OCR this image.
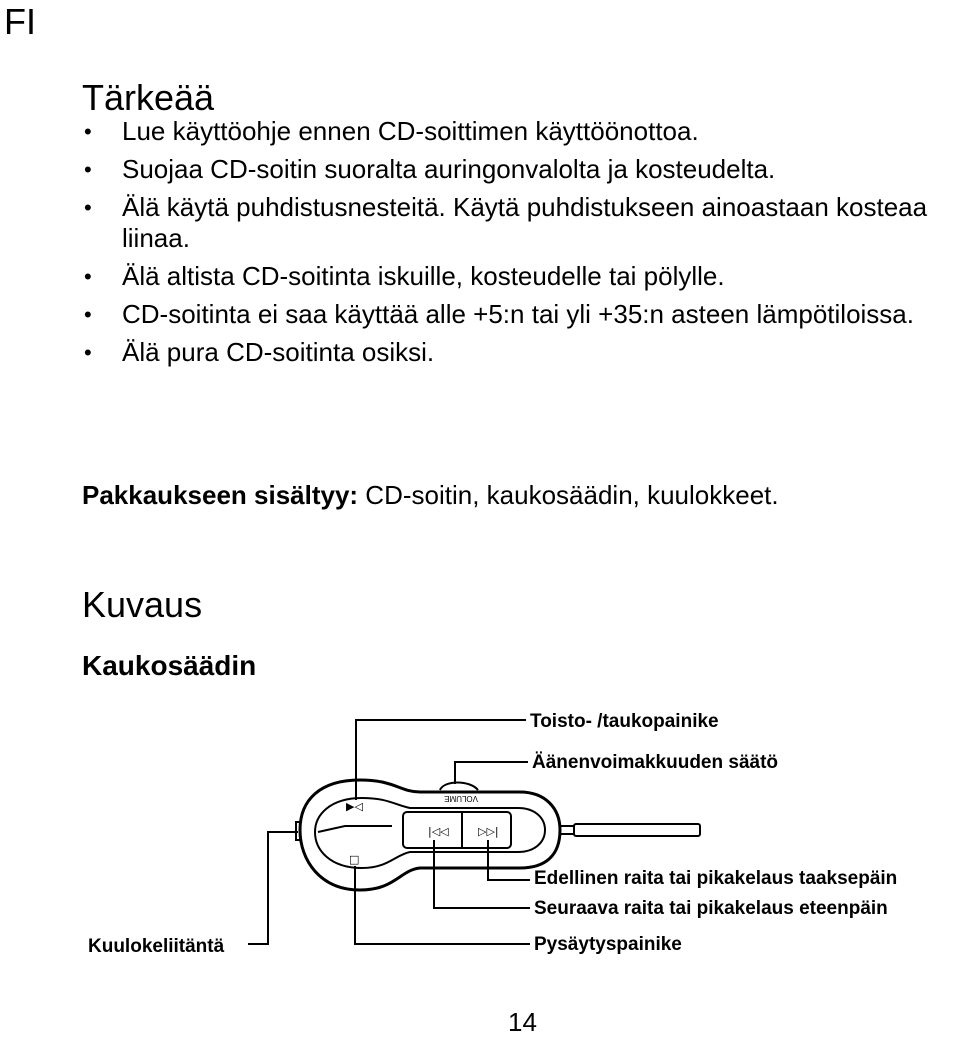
FI
Tärkeää
• Lue käyttöohje ennen CD-soittimen käyttöönottoa.
• Suojaa CD-soitin suoralta auringonvalolta ja kosteudelta.
• Älä käytä puhdistusnesteitä. Käytä puhdistukseen ainoastaan kosteaa liinaa.
• Älä altista CD-soitinta iskuille, kosteudelle tai pölylle.
• CD-soitinta ei saa käyttää alle +5:n tai yli +35:n asteen lämpötiloissa.
• Älä pura CD-soitinta osiksi.
Pakkaukseen sisältyy: CD-soitin, kaukosäädin, kuulokkeet.
Kuvaus
Kaukosäädin
VOLUME
▶◁
|◁◁	▷▷|
□
Toisto- /taukopainike
Äänenvoimakkuuden säätö
Edellinen raita tai pikakelaus taaksepäin
Seuraava raita tai pikakelaus eteenpäin
Pysäytyspainike
Kuulokeliitäntä
14
